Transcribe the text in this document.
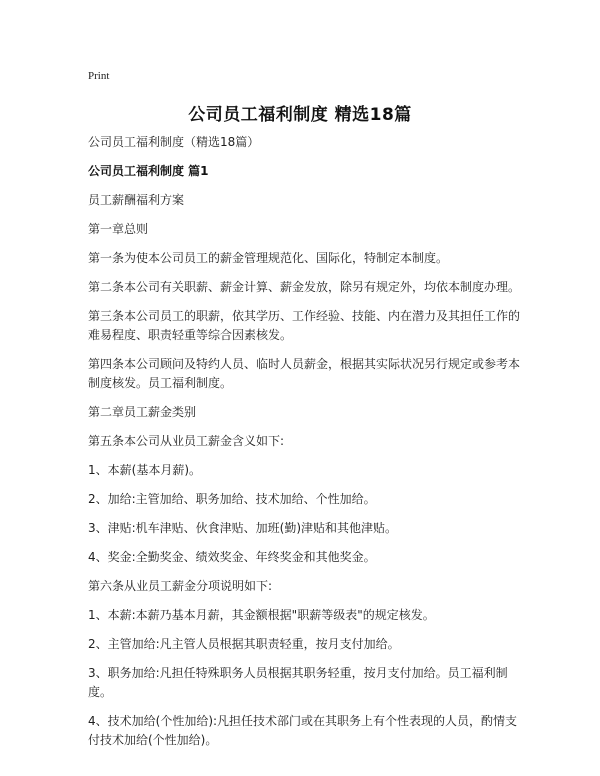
Print
公司员工福利制度 精选18篇

公司员工福利制度（精选18篇）

公司员工福利制度 篇1

员工薪酬福利方案

第一章总则

第一条为使本公司员工的薪金管理规范化、国际化，特制定本制度。

第二条本公司有关职薪、薪金计算、薪金发放，除另有规定外，均依本制度办理。

第三条本公司员工的职薪，依其学历、工作经验、技能、内在潜力及其担任工作的难易程度、职责轻重等综合因素核发。

第四条本公司顾问及特约人员、临时人员薪金，根据其实际状况另行规定或参考本制度核发。员工福利制度。

第二章员工薪金类别

第五条本公司从业员工薪金含义如下:

1、本薪(基本月薪)。

2、加给:主管加给、职务加给、技术加给、个性加给。

3、津贴:机车津贴、伙食津贴、加班(勤)津贴和其他津贴。

4、奖金:全勤奖金、绩效奖金、年终奖金和其他奖金。

第六条从业员工薪金分项说明如下:

1、本薪:本薪乃基本月薪，其金额根据"职薪等级表"的规定核发。

2、主管加给:凡主管人员根据其职责轻重，按月支付加给。

3、职务加给:凡担任特殊职务人员根据其职务轻重，按月支付加给。员工福利制度。

4、技术加给(个性加给):凡担任技术部门或在其职务上有个性表现的人员，酌情支付技术加给(个性加给)。
